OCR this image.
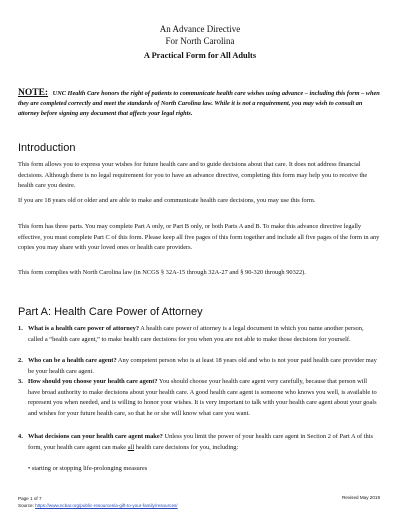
An Advance Directive
For North Carolina
A Practical Form for All Adults
NOTE: UNC Health Care honors the right of patients to communicate health care wishes using advance – including this form – when they are completed correctly and meet the standards of North Carolina law. While it is not a requirement, you may wish to consult an attorney before signing any document that affects your legal rights.
Introduction

This form allows you to express your wishes for future health care and to guide decisions about that care. It does not address financial decisions. Although there is no legal requirement for you to have an advance directive, completing this form may help you to receive the health care you desire.

If you are 18 years old or older and are able to make and communicate health care decisions, you may use this form.

This form has three parts. You may complete Part A only, or Part B only, or both Parts A and B. To make this advance directive legally effective, you must complete Part C of this form. Please keep all five pages of this form together and include all five pages of the form in any copies you may share with your loved ones or health care providers.

This form complies with North Carolina law (in NCGS § 32A-15 through 32A-27 and § 90-320 through 90322).

Part A: Health Care Power of Attorney
1. What is a health care power of attorney? A health care power of attorney is a legal document in which you name another person, called a “health care agent,” to make health care decisions for you when you are not able to make those decisions for yourself.
2. Who can be a health care agent? Any competent person who is at least 18 years old and who is not your paid health care provider may be your health care agent.
3. How should you choose your health care agent? You should choose your health care agent very carefully, because that person will have broad authority to make decisions about your health care. A good health care agent is someone who knows you well, is available to represent you when needed, and is willing to honor your wishes. It is very important to talk with your health care agent about your goals and wishes for your future health care, so that he or she will know what care you want.
4. What decisions can your health care agent make? Unless you limit the power of your health care agent in Section 2 of Part A of this form, your health care agent can make all health care decisions for you, including:
• starting or stopping life-prolonging measures
Page 1 of 7
Source: https://www.ncbar.org/public-resources/a-gift-to-your-family/resources/
Revised May 2019
